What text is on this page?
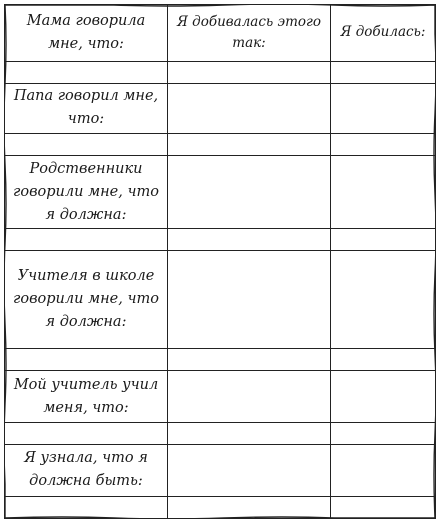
Мама говорила мне, что:	Я добивалась этого так:	Я добилась:

Папа говорил мне, что:		

Родственники говорили мне, что я должна:		

Учителя в школе говорили мне, что я должна:		

Мой учитель учил меня, что:		

Я узнала, что я должна быть:		
